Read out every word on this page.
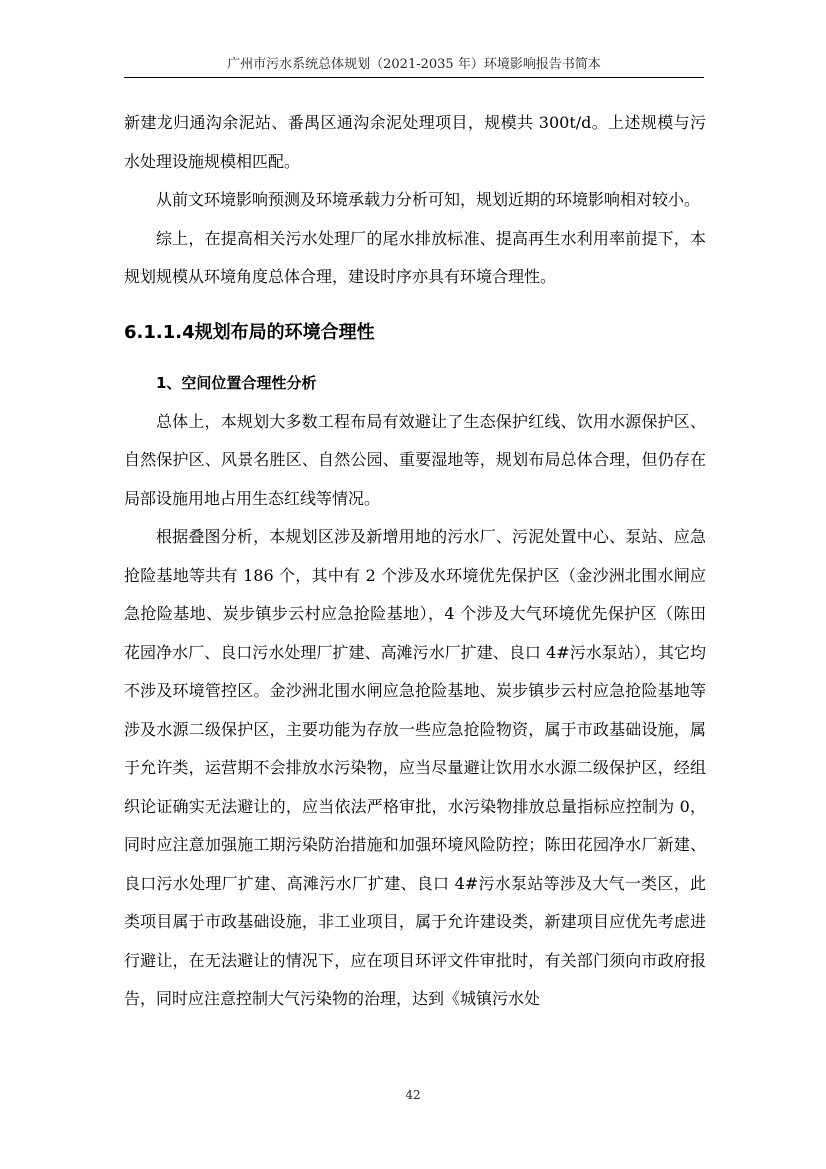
广州市污水系统总体规划（2021-2035 年）环境影响报告书简本

新建龙归通沟余泥站、番禺区通沟余泥处理项目，规模共 300t/d。上述规模与污水处理设施规模相匹配。

从前文环境影响预测及环境承载力分析可知，规划近期的环境影响相对较小。

综上，在提高相关污水处理厂的尾水排放标准、提高再生水利用率前提下，本规划规模从环境角度总体合理，建设时序亦具有环境合理性。

6.1.1.4规划布局的环境合理性
1、空间位置合理性分析

总体上，本规划大多数工程布局有效避让了生态保护红线、饮用水源保护区、自然保护区、风景名胜区、自然公园、重要湿地等，规划布局总体合理，但仍存在局部设施用地占用生态红线等情况。

根据叠图分析，本规划区涉及新增用地的污水厂、污泥处置中心、泵站、应急抢险基地等共有 186 个，其中有 2 个涉及水环境优先保护区（金沙洲北围水闸应急抢险基地、炭步镇步云村应急抢险基地），4 个涉及大气环境优先保护区（陈田花园净水厂、良口污水处理厂扩建、高滩污水厂扩建、良口 4#污水泵站），其它均不涉及环境管控区。金沙洲北围水闸应急抢险基地、炭步镇步云村应急抢险基地等涉及水源二级保护区，主要功能为存放一些应急抢险物资，属于市政基础设施，属于允许类，运营期不会排放水污染物，应当尽量避让饮用水水源二级保护区，经组织论证确实无法避让的，应当依法严格审批，水污染物排放总量指标应控制为 0，同时应注意加强施工期污染防治措施和加强环境风险防控；陈田花园净水厂新建、良口污水处理厂扩建、高滩污水厂扩建、良口 4#污水泵站等涉及大气一类区，此类项目属于市政基础设施，非工业项目，属于允许建设类，新建项目应优先考虑进行避让，在无法避让的情况下，应在项目环评文件审批时，有关部门须向市政府报告，同时应注意控制大气污染物的治理，达到《城镇污水处

42
